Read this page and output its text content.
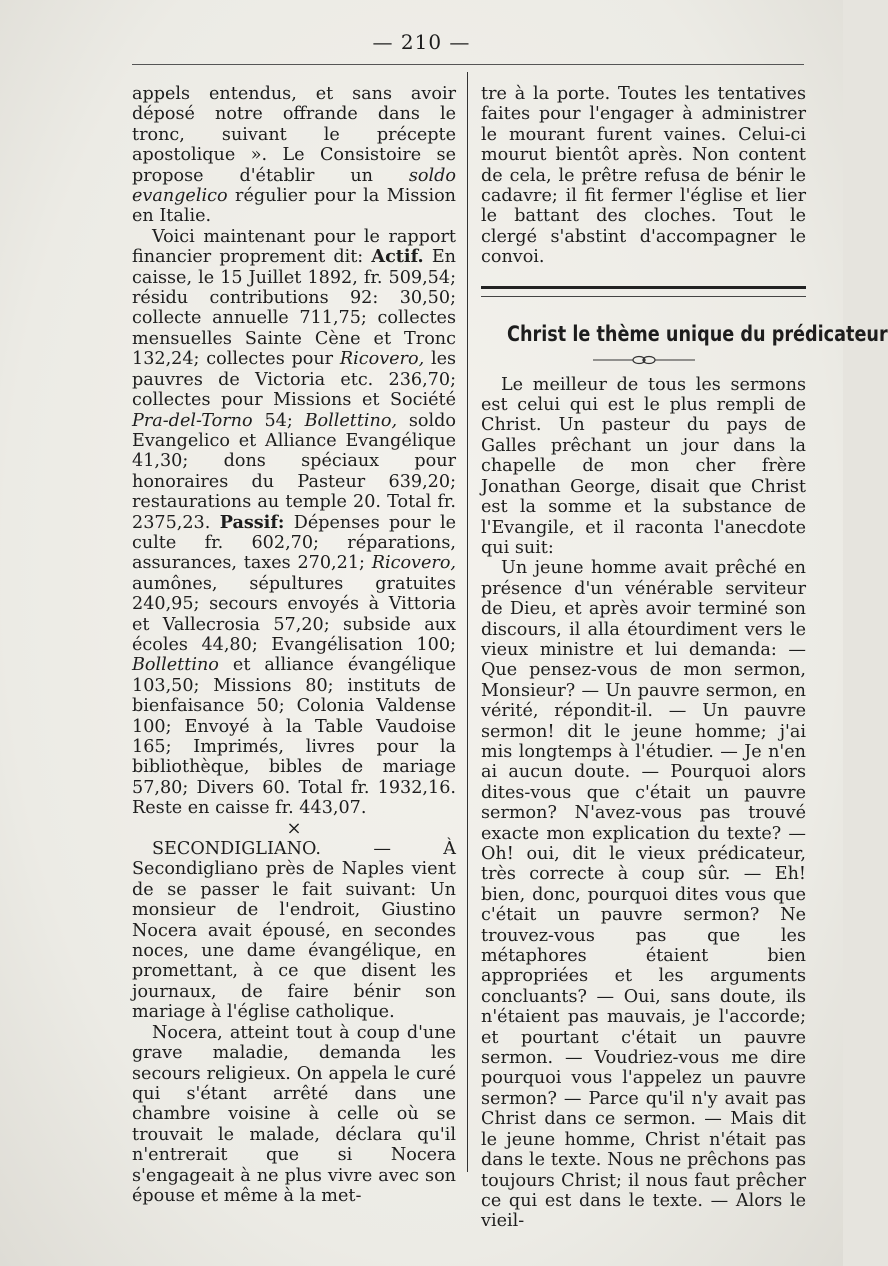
— 210 —

appels entendus, et sans avoir déposé notre offrande dans le tronc, suivant le précepte apostolique ». Le Consistoire se propose d'établir un soldo evangelico régulier pour la Mission en Italie.

Voici maintenant pour le rapport financier proprement dit: Actif. En caisse, le 15 Juillet 1892, fr. 509,54; résidu contributions 92: 30,50; collecte annuelle 711,75; collectes mensuelles Sainte Cène et Tronc 132,24; collectes pour Ricovero, les pauvres de Victoria etc. 236,70; collectes pour Missions et Société Pra-del-Torno 54; Bollettino, soldo Evangelico et Alliance Evangélique 41,30; dons spéciaux pour honoraires du Pasteur 639,20; restaurations au temple 20. Total fr. 2375,23. Passif: Dépenses pour le culte fr. 602,70; réparations, assurances, taxes 270,21; Ricovero, aumônes, sépultures gratuites 240,95; secours envoyés à Vittoria et Vallecrosia 57,20; subside aux écoles 44,80; Evangélisation 100; Bollettino et alliance évangélique 103,50; Missions 80; instituts de bienfaisance 50; Colonia Valdense 100; Envoyé à la Table Vaudoise 165; Imprimés, livres pour la bibliothèque, bibles de mariage 57,80; Divers 60. Total fr. 1932,16. Reste en caisse fr. 443,07.

×

SECONDIGLIANO. — À Secondigliano près de Naples vient de se passer le fait suivant: Un monsieur de l'endroit, Giustino Nocera avait épousé, en secondes noces, une dame évangélique, en promettant, à ce que disent les journaux, de faire bénir son mariage à l'église catholique.

Nocera, atteint tout à coup d'une grave maladie, demanda les secours religieux. On appela le curé qui s'étant arrêté dans une chambre voisine à celle où se trouvait le malade, déclara qu'il n'entrerait que si Nocera s'engageait à ne plus vivre avec son épouse et même à la met-

tre à la porte. Toutes les tentatives faites pour l'engager à administrer le mourant furent vaines. Celui-ci mourut bientôt après. Non content de cela, le prêtre refusa de bénir le cadavre; il fit fermer l'église et lier le battant des cloches. Tout le clergé s'abstint d'accompagner le convoi.

Christ le thème unique du prédicateur

Le meilleur de tous les sermons est celui qui est le plus rempli de Christ. Un pasteur du pays de Galles prêchant un jour dans la chapelle de mon cher frère Jonathan George, disait que Christ est la somme et la substance de l'Evangile, et il raconta l'anecdote qui suit:

Un jeune homme avait prêché en présence d'un vénérable serviteur de Dieu, et après avoir terminé son discours, il alla étourdiment vers le vieux ministre et lui demanda: — Que pensez-vous de mon sermon, Monsieur? — Un pauvre sermon, en vérité, répondit-il. — Un pauvre sermon! dit le jeune homme; j'ai mis longtemps à l'étudier. — Je n'en ai aucun doute. — Pourquoi alors dites-vous que c'était un pauvre sermon? N'avez-vous pas trouvé exacte mon explication du texte? — Oh! oui, dit le vieux prédicateur, très correcte à coup sûr. — Eh! bien, donc, pourquoi dites vous que c'était un pauvre sermon? Ne trouvez-vous pas que les métaphores étaient bien appropriées et les arguments concluants? — Oui, sans doute, ils n'étaient pas mauvais, je l'accorde; et pourtant c'était un pauvre sermon. — Voudriez-vous me dire pourquoi vous l'appelez un pauvre sermon? — Parce qu'il n'y avait pas Christ dans ce sermon. — Mais dit le jeune homme, Christ n'était pas dans le texte. Nous ne prêchons pas toujours Christ; il nous faut prêcher ce qui est dans le texte. — Alors le vieil-
